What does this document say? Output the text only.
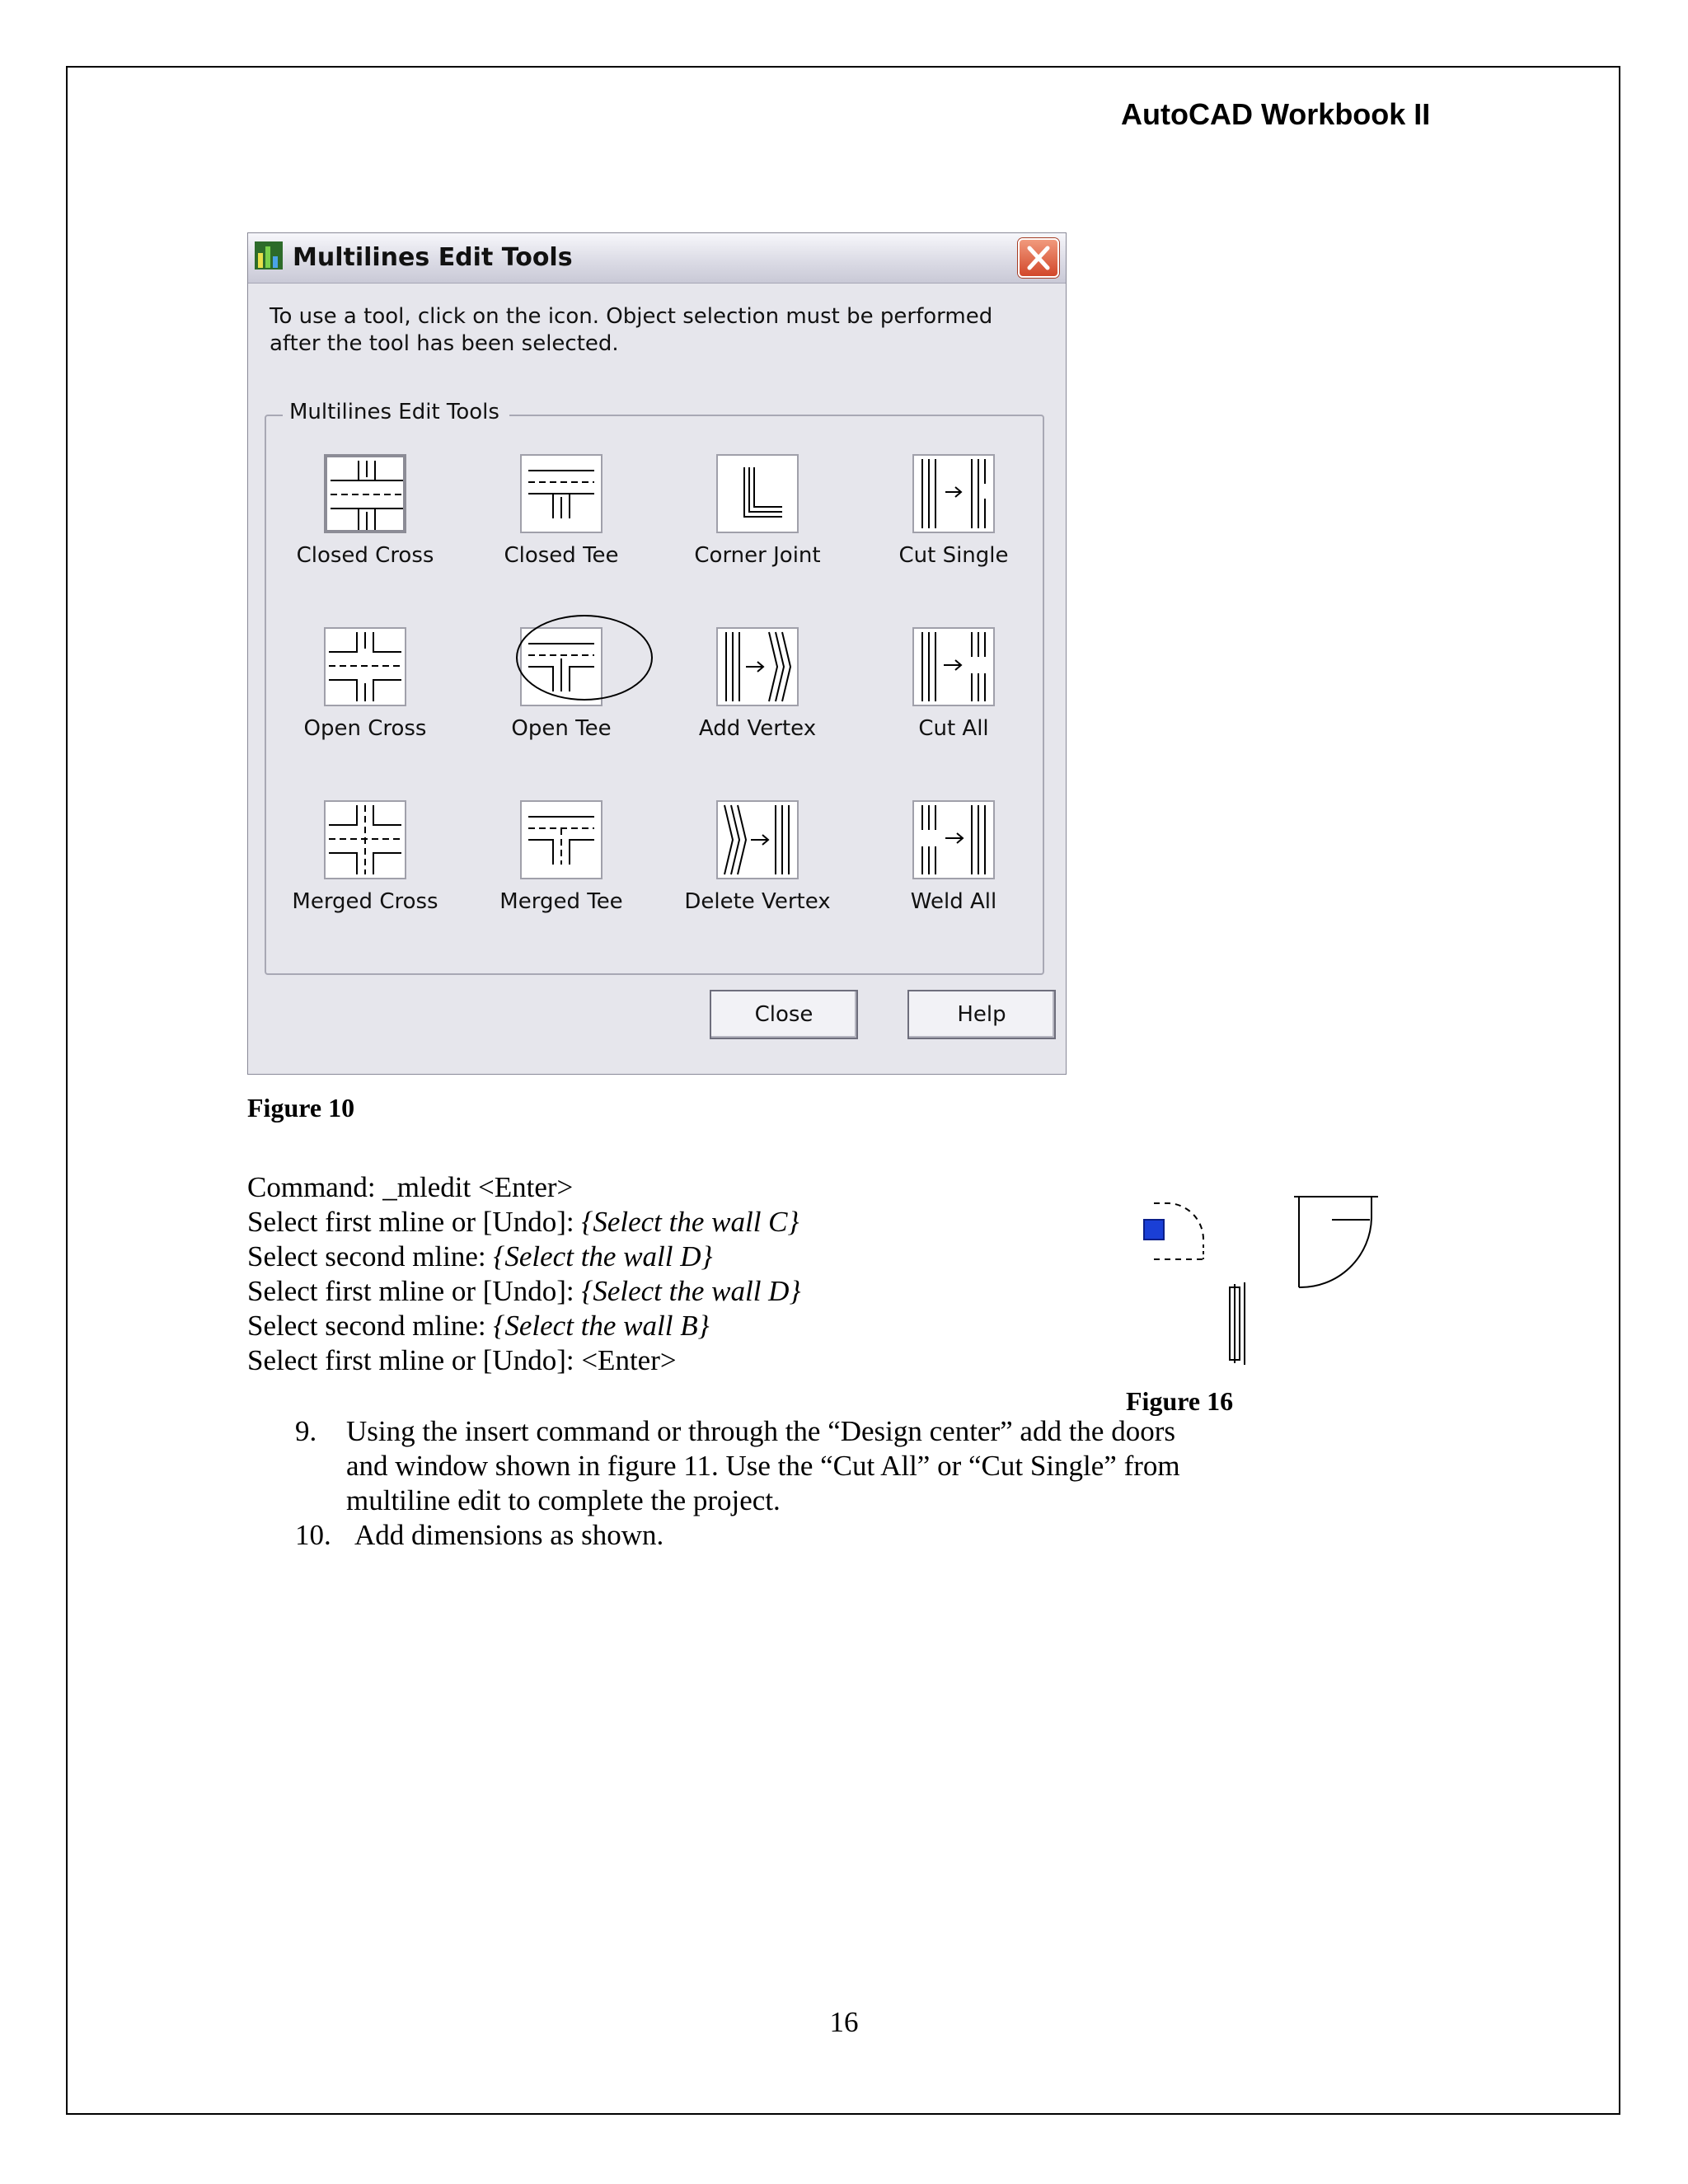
AutoCAD Workbook II
Multilines Edit Tools
To use a tool, click on the icon. Object selection must be performed after the tool has been selected.
Multilines Edit Tools
Closed Cross	Closed Tee	Corner Joint	Cut Single
Open Cross	Open Tee	Add Vertex	Cut All
Merged Cross	Merged Tee	Delete Vertex	Weld All
Close	Help
Figure 10
Command: _mledit <Enter>
Select first mline or [Undo]: {Select the wall C}
Select second mline: {Select the wall D}
Select first mline or [Undo]: {Select the wall D}
Select second mline: {Select the wall B}
Select first mline or [Undo]: <Enter>
9. Using the insert command or through the “Design center” add the doors and window shown in figure 11. Use the “Cut All” or “Cut Single” from multiline edit to complete the project.
10. Add dimensions as shown.
Figure 16
16
